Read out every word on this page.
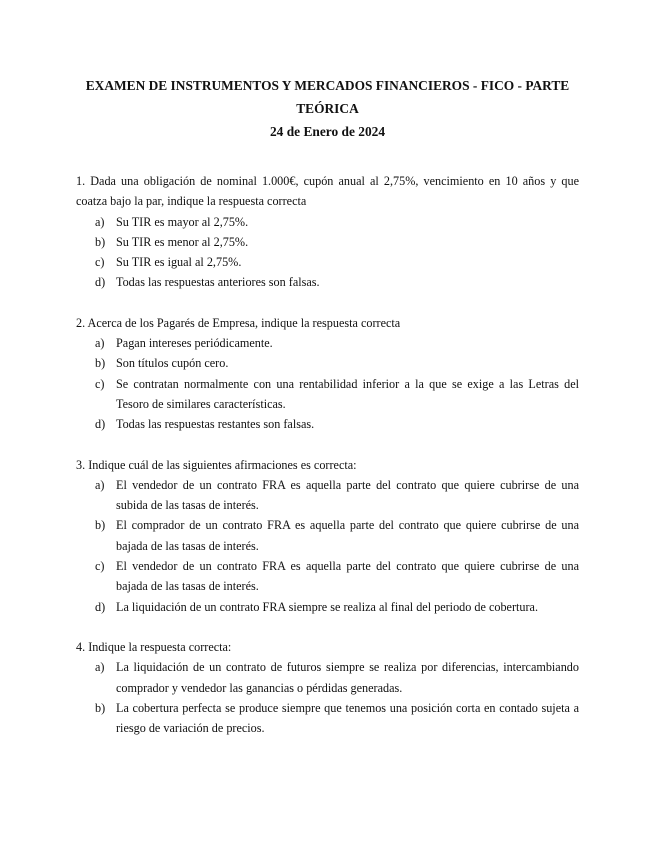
EXAMEN DE INSTRUMENTOS Y MERCADOS FINANCIEROS - FICO - PARTE

TEÓRICA

24 de Enero de 2024

1. Dada una obligación de nominal 1.000€, cupón anual al 2,75%, vencimiento en 10 años y que coatza bajo la par, indique la respuesta correcta
a) Su TIR es mayor al 2,75%.
b) Su TIR es menor al 2,75%.
c) Su TIR es igual al 2,75%.
d) Todas las respuestas anteriores son falsas.
2. Acerca de los Pagarés de Empresa, indique la respuesta correcta
a) Pagan intereses periódicamente.
b) Son títulos cupón cero.
c) Se contratan normalmente con una rentabilidad inferior a la que se exige a las Letras del Tesoro de similares características.
d) Todas las respuestas restantes son falsas.
3. Indique cuál de las siguientes afirmaciones es correcta:
a) El vendedor de un contrato FRA es aquella parte del contrato que quiere cubrirse de una subida de las tasas de interés.
b) El comprador de un contrato FRA es aquella parte del contrato que quiere cubrirse de una bajada de las tasas de interés.
c) El vendedor de un contrato FRA es aquella parte del contrato que quiere cubrirse de una bajada de las tasas de interés.
d) La liquidación de un contrato FRA siempre se realiza al final del periodo de cobertura.
4. Indique la respuesta correcta:
a) La liquidación de un contrato de futuros siempre se realiza por diferencias, intercambiando comprador y vendedor las ganancias o pérdidas generadas.
b) La cobertura perfecta se produce siempre que tenemos una posición corta en contado sujeta a riesgo de variación de precios.
